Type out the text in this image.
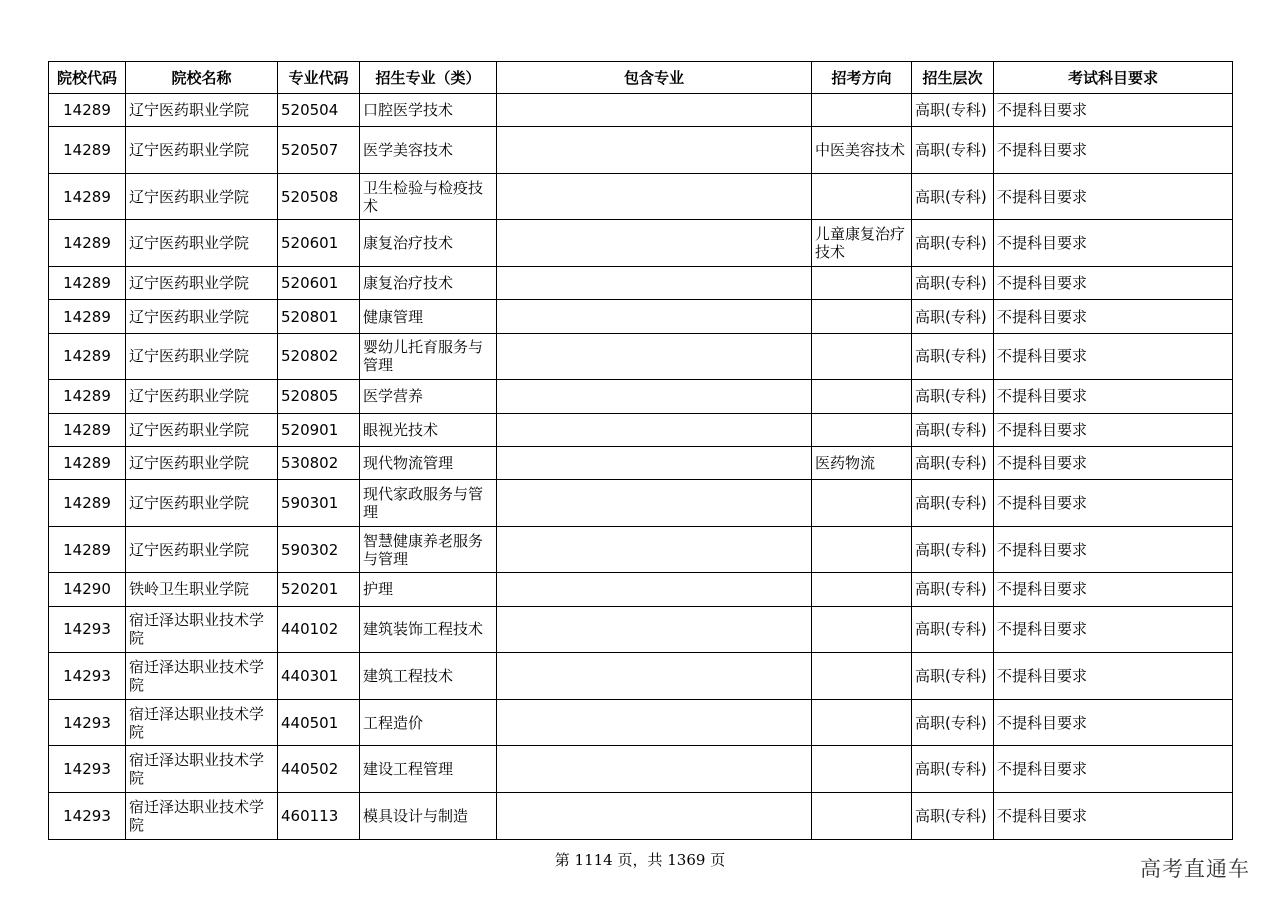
院校代码	院校名称	专业代码	招生专业（类）	包含专业	招考方向	招生层次	考试科目要求
14289	辽宁医药职业学院	520504	口腔医学技术			高职(专科)	不提科目要求
14289	辽宁医药职业学院	520507	医学美容技术		中医美容技术	高职(专科)	不提科目要求
14289	辽宁医药职业学院	520508	卫生检验与检疫技术			高职(专科)	不提科目要求
14289	辽宁医药职业学院	520601	康复治疗技术		儿童康复治疗技术	高职(专科)	不提科目要求
14289	辽宁医药职业学院	520601	康复治疗技术			高职(专科)	不提科目要求
14289	辽宁医药职业学院	520801	健康管理			高职(专科)	不提科目要求
14289	辽宁医药职业学院	520802	婴幼儿托育服务与管理			高职(专科)	不提科目要求
14289	辽宁医药职业学院	520805	医学营养			高职(专科)	不提科目要求
14289	辽宁医药职业学院	520901	眼视光技术			高职(专科)	不提科目要求
14289	辽宁医药职业学院	530802	现代物流管理		医药物流	高职(专科)	不提科目要求
14289	辽宁医药职业学院	590301	现代家政服务与管理			高职(专科)	不提科目要求
14289	辽宁医药职业学院	590302	智慧健康养老服务与管理			高职(专科)	不提科目要求
14290	铁岭卫生职业学院	520201	护理			高职(专科)	不提科目要求
14293	宿迁泽达职业技术学院	440102	建筑装饰工程技术			高职(专科)	不提科目要求
14293	宿迁泽达职业技术学院	440301	建筑工程技术			高职(专科)	不提科目要求
14293	宿迁泽达职业技术学院	440501	工程造价			高职(专科)	不提科目要求
14293	宿迁泽达职业技术学院	440502	建设工程管理			高职(专科)	不提科目要求
14293	宿迁泽达职业技术学院	460113	模具设计与制造			高职(专科)	不提科目要求
第 1114 页，共 1369 页	高考直通车
